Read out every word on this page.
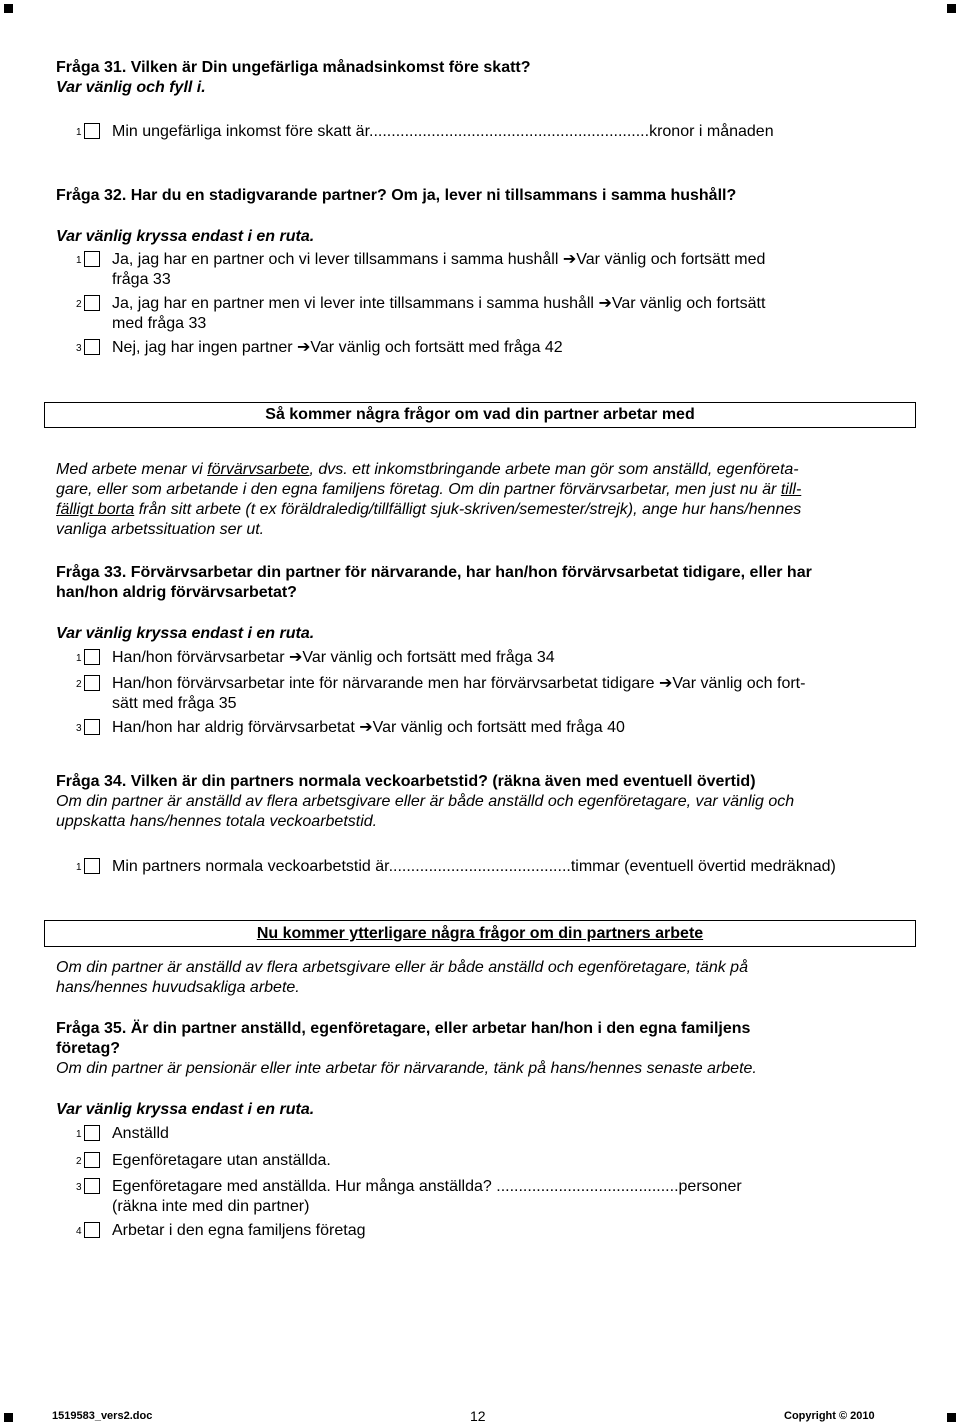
Fråga 31. Vilken är Din ungefärliga månadsinkomst före skatt?
Var vänlig och fyll i.
1 Min ungefärliga inkomst före skatt är...............................................................kronor i månaden
Fråga 32. Har du en stadigvarande partner? Om ja, lever ni tillsammans i samma hushåll?
Var vänlig kryssa endast i en ruta.
1 Ja, jag har en partner och vi lever tillsammans i samma hushåll ➔Var vänlig och fortsätt med
fråga 33
2 Ja, jag har en partner men vi lever inte tillsammans i samma hushåll ➔Var vänlig och fortsätt
med fråga 33
3 Nej, jag har ingen partner ➔Var vänlig och fortsätt med fråga 42
Så kommer några frågor om vad din partner arbetar med
Med arbete menar vi förvärvsarbete, dvs. ett inkomstbringande arbete man gör som anställd, egenföreta-
gare, eller som arbetande i den egna familjens företag. Om din partner förvärvsarbetar, men just nu är till-
fälligt borta från sitt arbete (t ex föräldraledig/tillfälligt sjuk-skriven/semester/strejk), ange hur hans/hennes
vanliga arbetssituation ser ut.
Fråga 33. Förvärvsarbetar din partner för närvarande, har han/hon förvärvsarbetat tidigare, eller har
han/hon aldrig förvärvsarbetat?
Var vänlig kryssa endast i en ruta.
1 Han/hon förvärvsarbetar ➔Var vänlig och fortsätt med fråga 34
2 Han/hon förvärvsarbetar inte för närvarande men har förvärvsarbetat tidigare ➔Var vänlig och fort-
sätt med fråga 35
3 Han/hon har aldrig förvärvsarbetat ➔Var vänlig och fortsätt med fråga 40
Fråga 34. Vilken är din partners normala veckoarbetstid? (räkna även med eventuell övertid)
Om din partner är anställd av flera arbetsgivare eller är både anställd och egenföretagare, var vänlig och
uppskatta hans/hennes totala veckoarbetstid.
1 Min partners normala veckoarbetstid är.........................................timmar (eventuell övertid medräknad)
Nu kommer ytterligare några frågor om din partners arbete
Om din partner är anställd av flera arbetsgivare eller är både anställd och egenföretagare, tänk på
hans/hennes huvudsakliga arbete.
Fråga 35. Är din partner anställd, egenföretagare, eller arbetar han/hon i den egna familjens
företag?
Om din partner är pensionär eller inte arbetar för närvarande, tänk på hans/hennes senaste arbete.
Var vänlig kryssa endast i en ruta.
1 Anställd
2 Egenföretagare utan anställda.
3 Egenföretagare med anställda. Hur många anställda? .........................................personer
(räkna inte med din partner)
4 Arbetar i den egna familjens företag
1519583_vers2.doc	12	Copyright © 2010
